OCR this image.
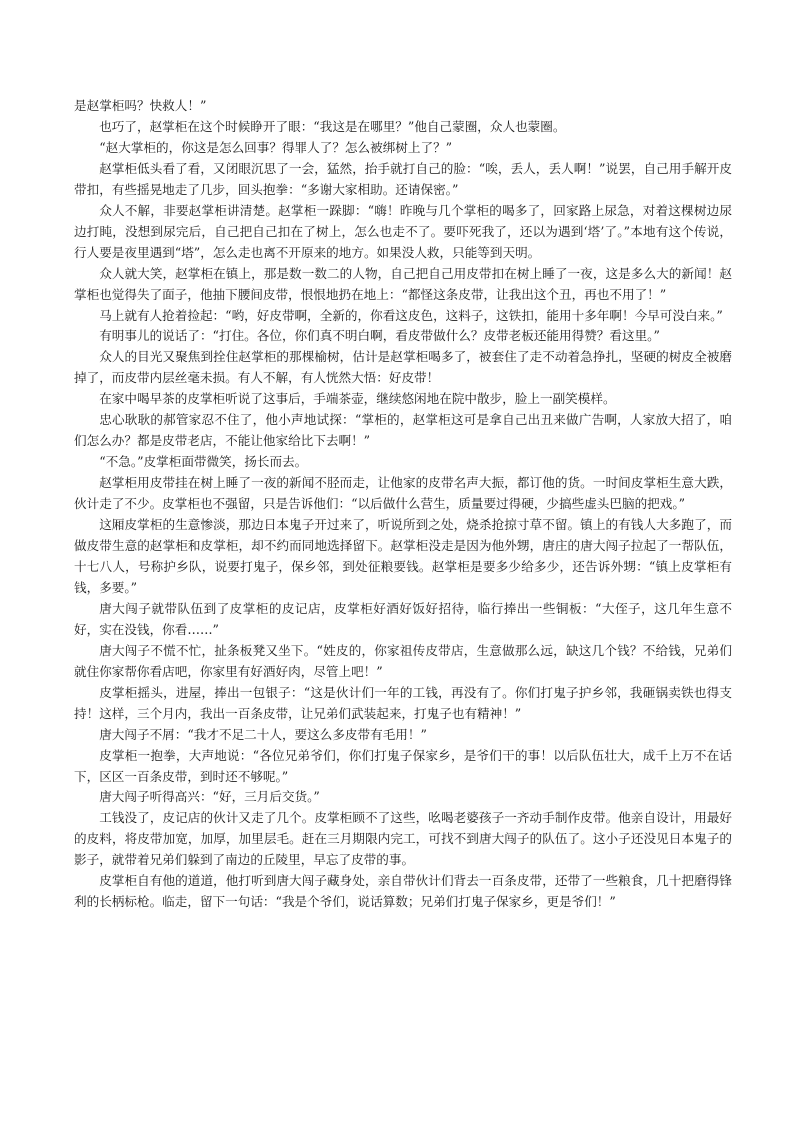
是赵掌柜吗？快救人！”

也巧了，赵掌柜在这个时候睁开了眼：“我这是在哪里？”他自己蒙圈，众人也蒙圈。

“赵大掌柜的，你这是怎么回事？得罪人了？怎么被绑树上了？”

赵掌柜低头看了看，又闭眼沉思了一会，猛然，抬手就打自己的脸：“唉，丢人，丢人啊！”说罢，自己用手解开皮带扣，有些摇晃地走了几步，回头抱拳：“多谢大家相助。还请保密。”

众人不解，非要赵掌柜讲清楚。赵掌柜一跺脚：“嗨！昨晚与几个掌柜的喝多了，回家路上尿急，对着这棵树边尿边打盹，没想到尿完后，自己把自己扣在了树上，怎么也走不了。要吓死我了，还以为遇到‘塔’了。”本地有这个传说，行人要是夜里遇到“塔”，怎么走也离不开原来的地方。如果没人救，只能等到天明。

众人就大笑，赵掌柜在镇上，那是数一数二的人物，自己把自己用皮带扣在树上睡了一夜，这是多么大的新闻！赵掌柜也觉得失了面子，他抽下腰间皮带，恨恨地扔在地上：“都怪这条皮带，让我出这个丑，再也不用了！”

马上就有人抢着捡起：“哟，好皮带啊，全新的，你看这皮色，这料子，这铁扣，能用十多年啊！今早可没白来。”

有明事儿的说话了：“打住。各位，你们真不明白啊，看皮带做什么？皮带老板还能用得赞？看这里。”

众人的目光又聚焦到拴住赵掌柜的那棵榆树，估计是赵掌柜喝多了，被套住了走不动着急挣扎，坚硬的树皮全被磨掉了，而皮带内层丝毫未损。有人不解，有人恍然大悟：好皮带！

在家中喝早茶的皮掌柜听说了这事后，手端茶壶，继续悠闲地在院中散步，脸上一副笑模样。

忠心耿耿的郝管家忍不住了，他小声地试探：“掌柜的，赵掌柜这可是拿自己出丑来做广告啊，人家放大招了，咱们怎么办？都是皮带老店，不能让他家给比下去啊！”

“不急。”皮掌柜面带微笑，扬长而去。

赵掌柜用皮带挂在树上睡了一夜的新闻不胫而走，让他家的皮带名声大振，都订他的货。一时间皮掌柜生意大跌，伙计走了不少。皮掌柜也不强留，只是告诉他们：“以后做什么营生，质量要过得硬，少搞些虚头巴脑的把戏。”

这厢皮掌柜的生意惨淡，那边日本鬼子开过来了，听说所到之处，烧杀抢掠寸草不留。镇上的有钱人大多跑了，而做皮带生意的赵掌柜和皮掌柜，却不约而同地选择留下。赵掌柜没走是因为他外甥，唐庄的唐大闯子拉起了一帮队伍，十七八人，号称护乡队，说要打鬼子，保乡邻，到处征粮要钱。赵掌柜是要多少给多少，还告诉外甥：“镇上皮掌柜有钱，多要。”

唐大闯子就带队伍到了皮掌柜的皮记店，皮掌柜好酒好饭好招待，临行捧出一些铜板：“大侄子，这几年生意不好，实在没钱，你看……”

唐大闯子不慌不忙，扯条板凳又坐下。“姓皮的，你家祖传皮带店，生意做那么远，缺这几个钱？不给钱，兄弟们就住你家帮你看店吧，你家里有好酒好肉，尽管上吧！”

皮掌柜摇头，进屋，捧出一包银子：“这是伙计们一年的工钱，再没有了。你们打鬼子护乡邻，我砸锅卖铁也得支持！这样，三个月内，我出一百条皮带，让兄弟们武装起来，打鬼子也有精神！”

唐大闯子不屑：“我才不足二十人，要这么多皮带有毛用！”

皮掌柜一抱拳，大声地说：“各位兄弟爷们，你们打鬼子保家乡，是爷们干的事！以后队伍壮大，成千上万不在话下，区区一百条皮带，到时还不够呢。”

唐大闯子听得高兴：“好，三月后交货。”

工钱没了，皮记店的伙计又走了几个。皮掌柜顾不了这些，吆喝老婆孩子一齐动手制作皮带。他亲自设计，用最好的皮料，将皮带加宽，加厚，加里层毛。赶在三月期限内完工，可找不到唐大闯子的队伍了。这小子还没见日本鬼子的影子，就带着兄弟们躲到了南边的丘陵里，早忘了皮带的事。

皮掌柜自有他的道道，他打听到唐大闯子藏身处，亲自带伙计们背去一百条皮带，还带了一些粮食，几十把磨得锋利的长柄标枪。临走，留下一句话：“我是个爷们，说话算数；兄弟们打鬼子保家乡，更是爷们！”
